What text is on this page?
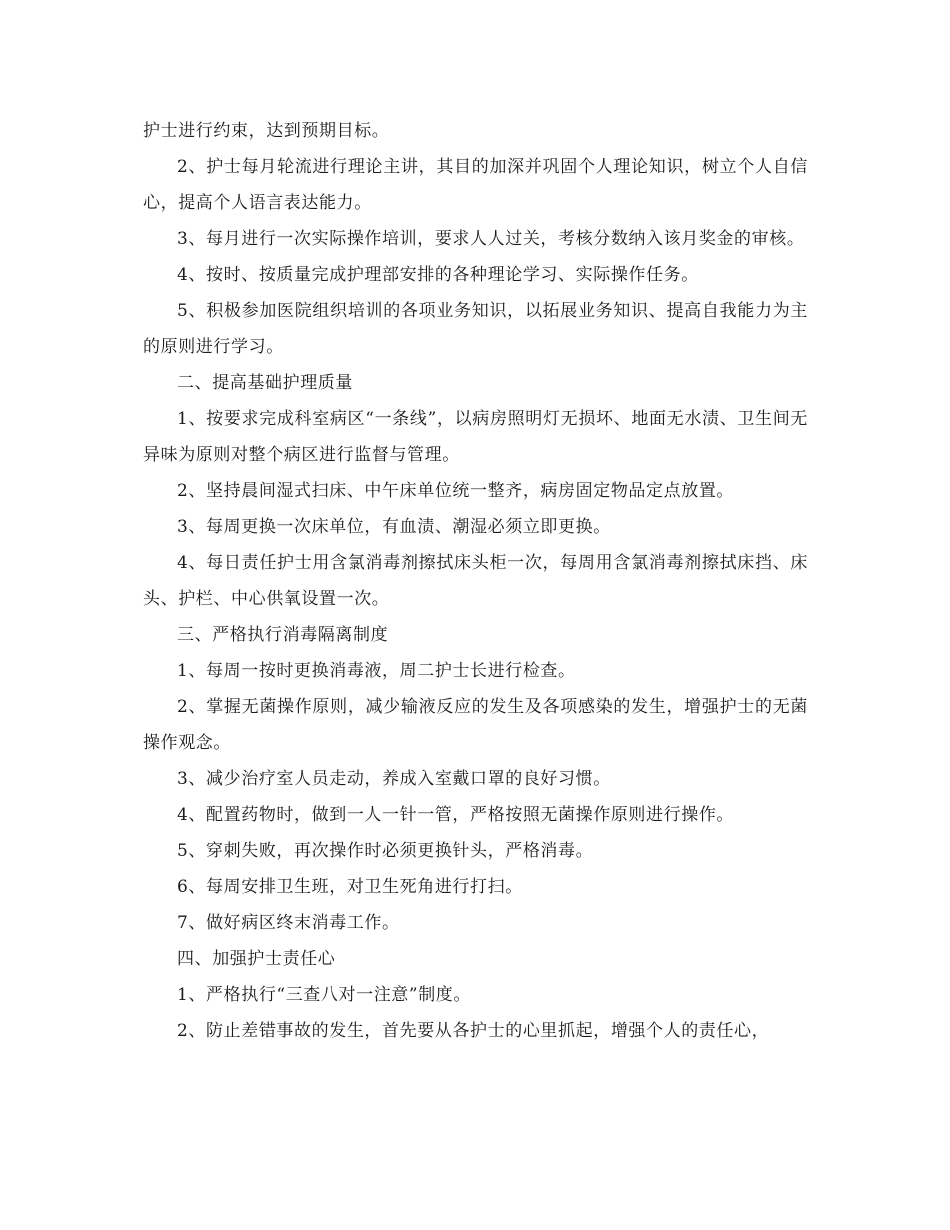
护士进行约束，达到预期目标。

2、护士每月轮流进行理论主讲，其目的加深并巩固个人理论知识，树立个人自信心，提高个人语言表达能力。

3、每月进行一次实际操作培训，要求人人过关，考核分数纳入该月奖金的审核。

4、按时、按质量完成护理部安排的各种理论学习、实际操作任务。

5、积极参加医院组织培训的各项业务知识，以拓展业务知识、提高自我能力为主的原则进行学习。

二、提高基础护理质量

1、按要求完成科室病区“一条线”，以病房照明灯无损坏、地面无水渍、卫生间无异味为原则对整个病区进行监督与管理。

2、坚持晨间湿式扫床、中午床单位统一整齐，病房固定物品定点放置。

3、每周更换一次床单位，有血渍、潮湿必须立即更换。

4、每日责任护士用含氯消毒剂擦拭床头柜一次，每周用含氯消毒剂擦拭床挡、床头、护栏、中心供氧设置一次。

三、严格执行消毒隔离制度

1、每周一按时更换消毒液，周二护士长进行检查。

2、掌握无菌操作原则，减少输液反应的发生及各项感染的发生，增强护士的无菌操作观念。

3、减少治疗室人员走动，养成入室戴口罩的良好习惯。

4、配置药物时，做到一人一针一管，严格按照无菌操作原则进行操作。

5、穿刺失败，再次操作时必须更换针头，严格消毒。

6、每周安排卫生班，对卫生死角进行打扫。

7、做好病区终末消毒工作。

四、加强护士责任心

1、严格执行“三查八对一注意”制度。

2、防止差错事故的发生，首先要从各护士的心里抓起，增强个人的责任心，
